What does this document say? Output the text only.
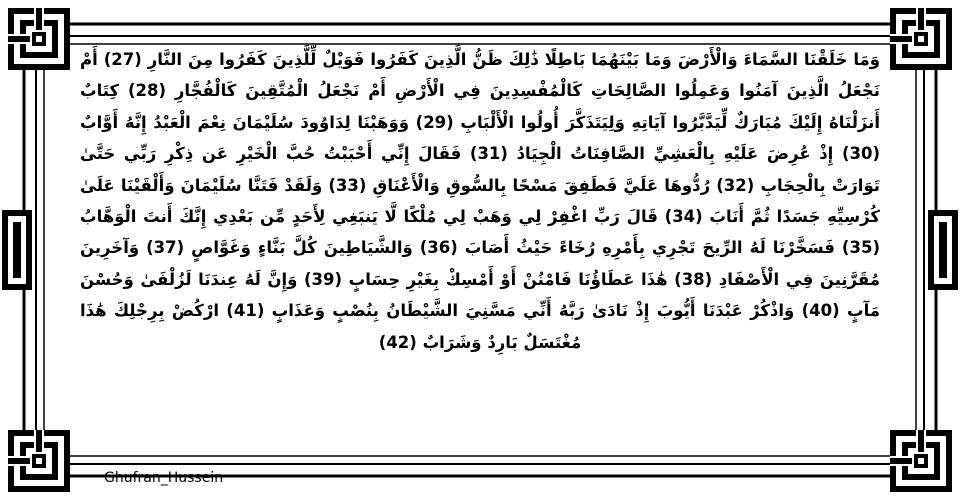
وَمَا خَلَقْنَا السَّمَاءَ وَالْأَرْضَ وَمَا بَيْنَهُمَا بَاطِلًا ذَٰلِكَ ظَنُّ الَّذِينَ كَفَرُوا فَوَيْلٌ لِّلَّذِينَ كَفَرُوا مِنَ النَّارِ (27) أَمْ نَجْعَلُ الَّذِينَ آمَنُوا وَعَمِلُوا الصَّالِحَاتِ كَالْمُفْسِدِينَ فِي الْأَرْضِ أَمْ نَجْعَلُ الْمُتَّقِينَ كَالْفُجَّارِ (28) كِتَابٌ أَنزَلْنَاهُ إِلَيْكَ مُبَارَكٌ لِّيَدَّبَّرُوا آيَاتِهِ وَلِيَتَذَكَّرَ أُولُوا الْأَلْبَابِ (29) وَوَهَبْنَا لِدَاوُودَ سُلَيْمَانَ نِعْمَ الْعَبْدُ إِنَّهُ أَوَّابٌ (30) إِذْ عُرِضَ عَلَيْهِ بِالْعَشِيِّ الصَّافِنَاتُ الْجِيَادُ (31) فَقَالَ إِنِّي أَحْبَبْتُ حُبَّ الْخَيْرِ عَن ذِكْرِ رَبِّي حَتَّىٰ تَوَارَتْ بِالْحِجَابِ (32) رُدُّوهَا عَلَيَّ فَطَفِقَ مَسْحًا بِالسُّوقِ وَالْأَعْنَاقِ (33) وَلَقَدْ فَتَنَّا سُلَيْمَانَ وَأَلْقَيْنَا عَلَىٰ كُرْسِيِّهِ جَسَدًا ثُمَّ أَنَابَ (34) قَالَ رَبِّ اغْفِرْ لِي وَهَبْ لِي مُلْكًا لَّا يَنبَغِي لِأَحَدٍ مِّن بَعْدِي إِنَّكَ أَنتَ الْوَهَّابُ (35) فَسَخَّرْنَا لَهُ الرِّيحَ تَجْرِي بِأَمْرِهِ رُخَاءً حَيْثُ أَصَابَ (36) وَالشَّيَاطِينَ كُلَّ بَنَّاءٍ وَغَوَّاصٍ (37) وَآخَرِينَ مُقَرَّنِينَ فِي الْأَصْفَادِ (38) هَٰذَا عَطَاؤُنَا فَامْنُنْ أَوْ أَمْسِكْ بِغَيْرِ حِسَابٍ (39) وَإِنَّ لَهُ عِندَنَا لَزُلْفَىٰ وَحُسْنَ مَآبٍ (40) وَاذْكُرْ عَبْدَنَا أَيُّوبَ إِذْ نَادَىٰ رَبَّهُ أَنِّي مَسَّنِيَ الشَّيْطَانُ بِنُصْبٍ وَعَذَابٍ (41) ارْكُضْ بِرِجْلِكَ هَٰذَا مُغْتَسَلٌ بَارِدٌ وَشَرَابٌ (42)
Ghufran_Hussein
